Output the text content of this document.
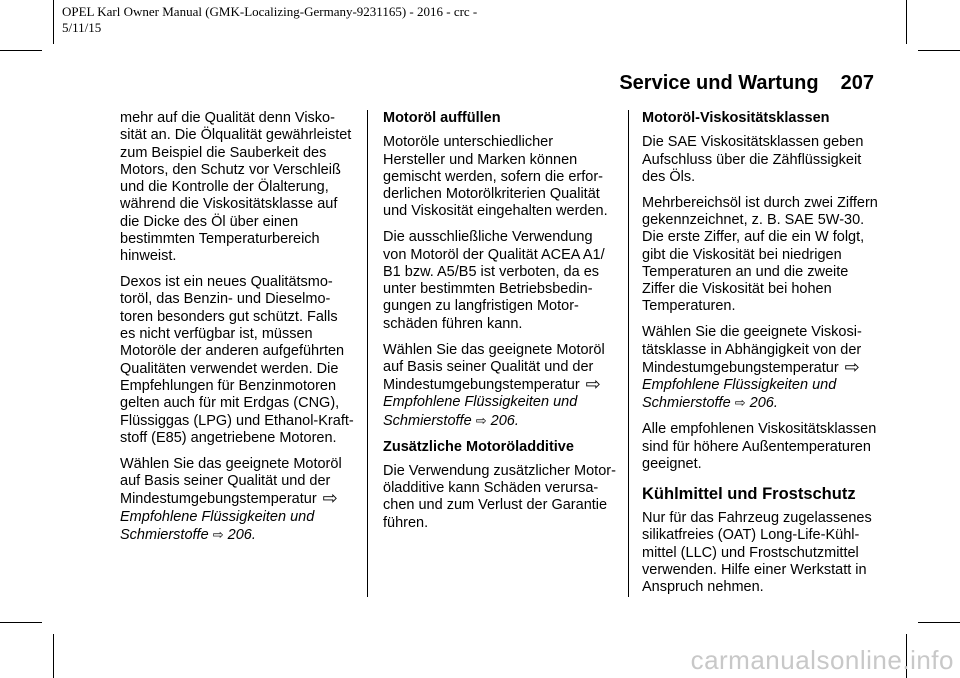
OPEL Karl Owner Manual (GMK-Localizing-Germany-9231165) - 2016 - crc -
5/11/15
Service und Wartung 207

mehr auf die Qualität denn Visko-sität an. Die Ölqualität gewährleistet zum Beispiel die Sauberkeit des Motors, den Schutz vor Verschleiß und die Kontrolle der Ölalterung, während die Viskositätsklasse auf die Dicke des Öl über einen bestimmten Temperaturbereich hinweist.

Dexos ist ein neues Qualitätsmo-toröl, das Benzin- und Dieselmo-toren besonders gut schützt. Falls es nicht verfügbar ist, müssen Motoröle der anderen aufgeführten Qualitäten verwendet werden. Die Empfehlungen für Benzinmotoren gelten auch für mit Erdgas (CNG), Flüssiggas (LPG) und Ethanol-Kraft-stoff (E85) angetriebene Motoren.

Wählen Sie das geeignete Motoröl auf Basis seiner Qualität und der
Mindestumgebungstemperatur ⇨
Empfohlene Flüssigkeiten und Schmierstoffe ⇨ 206.

Motoröl auffüllen

Motoröle unterschiedlicher Hersteller und Marken können gemischt werden, sofern die erfor-derlichen Motorölkriterien Qualität und Viskosität eingehalten werden.

Die ausschließliche Verwendung von Motoröl der Qualität ACEA A1/ B1 bzw. A5/B5 ist verboten, da es unter bestimmten Betriebsbedin-gungen zu langfristigen Motor-schäden führen kann.

Wählen Sie das geeignete Motoröl auf Basis seiner Qualität und der
Mindestumgebungstemperatur ⇨
Empfohlene Flüssigkeiten und Schmierstoffe ⇨ 206.

Zusätzliche Motoröladditive

Die Verwendung zusätzlicher Motor-öladditive kann Schäden verursa-chen und zum Verlust der Garantie führen.

Motoröl-Viskositätsklassen

Die SAE Viskositätsklassen geben Aufschluss über die Zähflüssigkeit des Öls.

Mehrbereichsöl ist durch zwei Ziffern gekennzeichnet, z. B. SAE 5W-30. Die erste Ziffer, auf die ein W folgt, gibt die Viskosität bei niedrigen Temperaturen an und die zweite Ziffer die Viskosität bei hohen Temperaturen.

Wählen Sie die geeignete Viskosi-tätsklasse in Abhängigkeit von der
Mindestumgebungstemperatur ⇨
Empfohlene Flüssigkeiten und Schmierstoffe ⇨ 206.

Alle empfohlenen Viskositätsklassen sind für höhere Außentemperaturen geeignet.

Kühlmittel und Frostschutz

Nur für das Fahrzeug zugelassenes silikatfreies (OAT) Long-Life-Kühl-mittel (LLC) und Frostschutzmittel verwenden. Hilfe einer Werkstatt in Anspruch nehmen.

carmanualsonline.info
